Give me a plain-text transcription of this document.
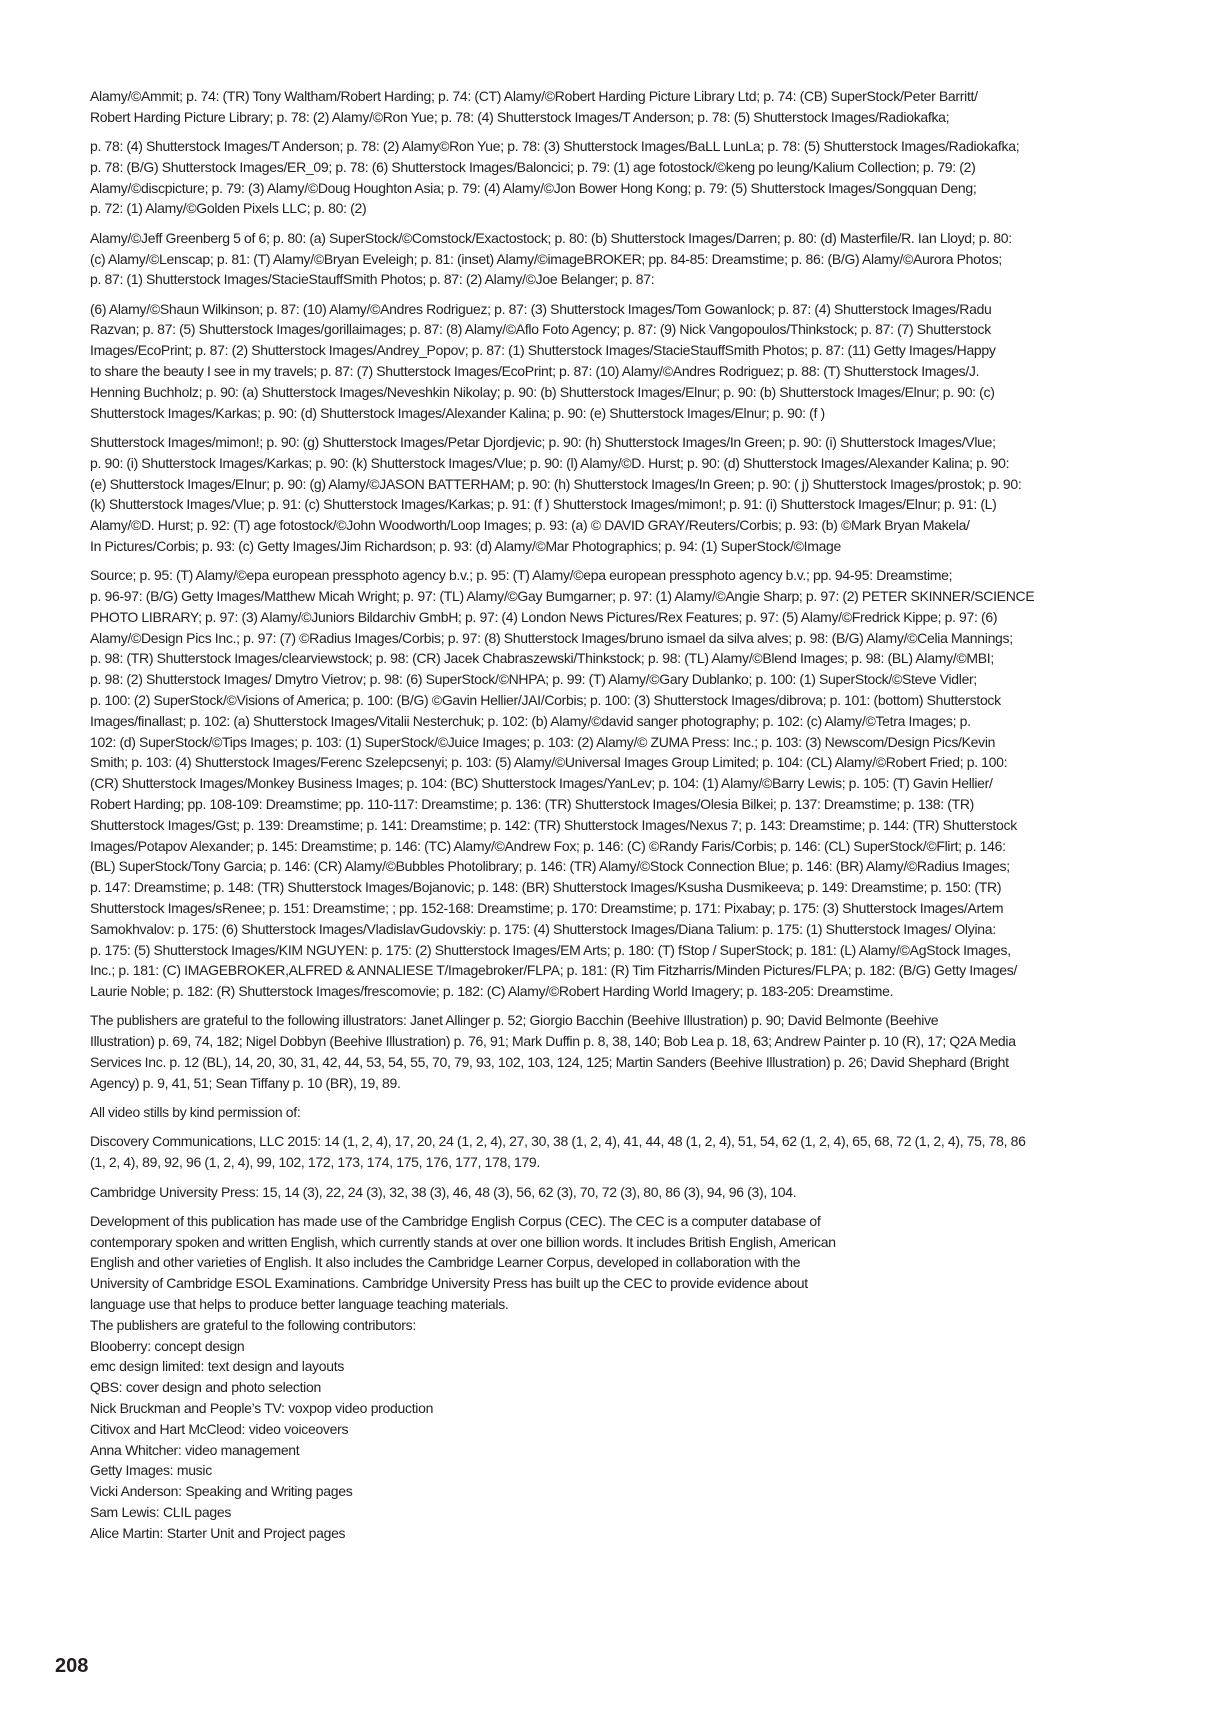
Alamy/©Ammit; p. 74: (TR) Tony Waltham/Robert Harding; p. 74: (CT) Alamy/©Robert Harding Picture Library Ltd; p. 74: (CB) SuperStock/Peter Barritt/
Robert Harding Picture Library; p. 78: (2) Alamy/©Ron Yue; p. 78: (4) Shutterstock Images/T Anderson; p. 78: (5) Shutterstock Images/Radiokafka;

p. 78: (4) Shutterstock Images/T Anderson; p. 78: (2) Alamy©Ron Yue; p. 78: (3) Shutterstock Images/BaLL LunLa; p. 78: (5) Shutterstock Images/Radiokafka;
p. 78: (B/G) Shutterstock Images/ER_09; p. 78: (6) Shutterstock Images/Baloncici; p. 79: (1) age fotostock/©keng po leung/Kalium Collection; p. 79: (2)
Alamy/©discpicture; p. 79: (3) Alamy/©Doug Houghton Asia; p. 79: (4) Alamy/©Jon Bower Hong Kong; p. 79: (5) Shutterstock Images/Songquan Deng;
p. 72: (1) Alamy/©Golden Pixels LLC; p. 80: (2)

Alamy/©Jeff Greenberg 5 of 6; p. 80: (a) SuperStock/©Comstock/Exactostock; p. 80: (b) Shutterstock Images/Darren; p. 80: (d) Masterfile/R. Ian Lloyd; p. 80:
(c) Alamy/©Lenscap; p. 81: (T) Alamy/©Bryan Eveleigh; p. 81: (inset) Alamy/©imageBROKER; pp. 84-85: Dreamstime; p. 86: (B/G) Alamy/©Aurora Photos;
p. 87: (1) Shutterstock Images/StacieStauffSmith Photos; p. 87: (2) Alamy/©Joe Belanger; p. 87:

(6) Alamy/©Shaun Wilkinson; p. 87: (10) Alamy/©Andres Rodriguez; p. 87: (3) Shutterstock Images/Tom Gowanlock; p. 87: (4) Shutterstock Images/Radu
Razvan; p. 87: (5) Shutterstock Images/gorillaimages; p. 87: (8) Alamy/©Aflo Foto Agency; p. 87: (9) Nick Vangopoulos/Thinkstock; p. 87: (7) Shutterstock
Images/EcoPrint; p. 87: (2) Shutterstock Images/Andrey_Popov; p. 87: (1) Shutterstock Images/StacieStauffSmith Photos; p. 87: (11) Getty Images/Happy
to share the beauty I see in my travels; p. 87: (7) Shutterstock Images/EcoPrint; p. 87: (10) Alamy/©Andres Rodriguez; p. 88: (T) Shutterstock Images/J.
Henning Buchholz; p. 90: (a) Shutterstock Images/Neveshkin Nikolay; p. 90: (b) Shutterstock Images/Elnur; p. 90: (b) Shutterstock Images/Elnur; p. 90: (c)
Shutterstock Images/Karkas; p. 90: (d) Shutterstock Images/Alexander Kalina; p. 90: (e) Shutterstock Images/Elnur; p. 90: (f )

Shutterstock Images/mimon!; p. 90: (g) Shutterstock Images/Petar Djordjevic; p. 90: (h) Shutterstock Images/In Green; p. 90: (i) Shutterstock Images/Vlue;
p. 90: (i) Shutterstock Images/Karkas; p. 90: (k) Shutterstock Images/Vlue; p. 90: (l) Alamy/©D. Hurst; p. 90: (d) Shutterstock Images/Alexander Kalina; p. 90:
(e) Shutterstock Images/Elnur; p. 90: (g) Alamy/©JASON BATTERHAM; p. 90: (h) Shutterstock Images/In Green; p. 90: ( j) Shutterstock Images/prostok; p. 90:
(k) Shutterstock Images/Vlue; p. 91: (c) Shutterstock Images/Karkas; p. 91: (f ) Shutterstock Images/mimon!; p. 91: (i) Shutterstock Images/Elnur; p. 91: (L)
Alamy/©D. Hurst; p. 92: (T) age fotostock/©John Woodworth/Loop Images; p. 93: (a) © DAVID GRAY/Reuters/Corbis; p. 93: (b) ©Mark Bryan Makela/
In Pictures/Corbis; p. 93: (c) Getty Images/Jim Richardson; p. 93: (d) Alamy/©Mar Photographics; p. 94: (1) SuperStock/©Image

Source; p. 95: (T) Alamy/©epa european pressphoto agency b.v.; p. 95: (T) Alamy/©epa european pressphoto agency b.v.; pp. 94-95: Dreamstime;
p. 96-97: (B/G) Getty Images/Matthew Micah Wright; p. 97: (TL) Alamy/©Gay Bumgarner; p. 97: (1) Alamy/©Angie Sharp; p. 97: (2) PETER SKINNER/SCIENCE
PHOTO LIBRARY; p. 97: (3) Alamy/©Juniors Bildarchiv GmbH; p. 97: (4) London News Pictures/Rex Features; p. 97: (5) Alamy/©Fredrick Kippe; p. 97: (6)
Alamy/©Design Pics Inc.; p. 97: (7) ©Radius Images/Corbis; p. 97: (8) Shutterstock Images/bruno ismael da silva alves; p. 98: (B/G) Alamy/©Celia Mannings;
p. 98: (TR) Shutterstock Images/clearviewstock; p. 98: (CR) Jacek Chabraszewski/Thinkstock; p. 98: (TL) Alamy/©Blend Images; p. 98: (BL) Alamy/©MBI;
p. 98: (2) Shutterstock Images/ Dmytro Vietrov; p. 98: (6) SuperStock/©NHPA; p. 99: (T) Alamy/©Gary Dublanko; p. 100: (1) SuperStock/©Steve Vidler;
p. 100: (2) SuperStock/©Visions of America; p. 100: (B/G) ©Gavin Hellier/JAI/Corbis; p. 100: (3) Shutterstock Images/dibrova; p. 101: (bottom) Shutterstock
Images/finallast; p. 102: (a) Shutterstock Images/Vitalii Nesterchuk; p. 102: (b) Alamy/©david sanger photography; p. 102: (c) Alamy/©Tetra Images; p.
102: (d) SuperStock/©Tips Images; p. 103: (1) SuperStock/©Juice Images; p. 103: (2) Alamy/© ZUMA Press: Inc.; p. 103: (3) Newscom/Design Pics/Kevin
Smith; p. 103: (4) Shutterstock Images/Ferenc Szelepcsenyi; p. 103: (5) Alamy/©Universal Images Group Limited; p. 104: (CL) Alamy/©Robert Fried; p. 100:
(CR) Shutterstock Images/Monkey Business Images; p. 104: (BC) Shutterstock Images/YanLev; p. 104: (1) Alamy/©Barry Lewis; p. 105: (T) Gavin Hellier/
Robert Harding; pp. 108-109: Dreamstime; pp. 110-117: Dreamstime; p. 136: (TR) Shutterstock Images/Olesia Bilkei; p. 137: Dreamstime; p. 138: (TR)
Shutterstock Images/Gst; p. 139: Dreamstime; p. 141: Dreamstime; p. 142: (TR) Shutterstock Images/Nexus 7; p. 143: Dreamstime; p. 144: (TR) Shutterstock
Images/Potapov Alexander; p. 145: Dreamstime; p. 146: (TC) Alamy/©Andrew Fox; p. 146: (C) ©Randy Faris/Corbis; p. 146: (CL) SuperStock/©Flirt; p. 146:
(BL) SuperStock/Tony Garcia; p. 146: (CR) Alamy/©Bubbles Photolibrary; p. 146: (TR) Alamy/©Stock Connection Blue; p. 146: (BR) Alamy/©Radius Images;
p. 147: Dreamstime; p. 148: (TR) Shutterstock Images/Bojanovic; p. 148: (BR) Shutterstock Images/Ksusha Dusmikeeva; p. 149: Dreamstime; p. 150: (TR)
Shutterstock Images/sRenee; p. 151: Dreamstime; ; pp. 152-168: Dreamstime; p. 170: Dreamstime; p. 171: Pixabay; p. 175: (3) Shutterstock Images/Artem
Samokhvalov: p. 175: (6) Shutterstock Images/VladislavGudovskiy: p. 175: (4) Shutterstock Images/Diana Talium: p. 175: (1) Shutterstock Images/ Olyina:
p. 175: (5) Shutterstock Images/KIM NGUYEN: p. 175: (2) Shutterstock Images/EM Arts; p. 180: (T) fStop / SuperStock; p. 181: (L) Alamy/©AgStock Images,
Inc.; p. 181: (C) IMAGEBROKER,ALFRED & ANNALIESE T/Imagebroker/FLPA; p. 181: (R) Tim Fitzharris/Minden Pictures/FLPA; p. 182: (B/G) Getty Images/
Laurie Noble; p. 182: (R) Shutterstock Images/frescomovie; p. 182: (C) Alamy/©Robert Harding World Imagery; p. 183-205: Dreamstime.

The publishers are grateful to the following illustrators: Janet Allinger p. 52; Giorgio Bacchin (Beehive Illustration) p. 90; David Belmonte (Beehive
Illustration) p. 69, 74, 182; Nigel Dobbyn (Beehive Illustration) p. 76, 91; Mark Duffin p. 8, 38, 140; Bob Lea p. 18, 63; Andrew Painter p. 10 (R), 17; Q2A Media
Services Inc. p. 12 (BL), 14, 20, 30, 31, 42, 44, 53, 54, 55, 70, 79, 93, 102, 103, 124, 125; Martin Sanders (Beehive Illustration) p. 26; David Shephard (Bright
Agency) p. 9, 41, 51; Sean Tiffany p. 10 (BR), 19, 89.

All video stills by kind permission of:

Discovery Communications, LLC 2015: 14 (1, 2, 4), 17, 20, 24 (1, 2, 4), 27, 30, 38 (1, 2, 4), 41, 44, 48 (1, 2, 4), 51, 54, 62 (1, 2, 4), 65, 68, 72 (1, 2, 4), 75, 78, 86
(1, 2, 4), 89, 92, 96 (1, 2, 4), 99, 102, 172, 173, 174, 175, 176, 177, 178, 179.

Cambridge University Press: 15, 14 (3), 22, 24 (3), 32, 38 (3), 46, 48 (3), 56, 62 (3), 70, 72 (3), 80, 86 (3), 94, 96 (3), 104.

Development of this publication has made use of the Cambridge English Corpus (CEC). The CEC is a computer database of
contemporary spoken and written English, which currently stands at over one billion words. It includes British English, American
English and other varieties of English. It also includes the Cambridge Learner Corpus, developed in collaboration with the
University of Cambridge ESOL Examinations. Cambridge University Press has built up the CEC to provide evidence about
language use that helps to produce better language teaching materials.

The publishers are grateful to the following contributors:

Blooberry: concept design
emc design limited: text design and layouts
QBS: cover design and photo selection
Nick Bruckman and People’s TV: voxpop video production
Citivox and Hart McCleod: video voiceovers
Anna Whitcher: video management
Getty Images: music
Vicki Anderson: Speaking and Writing pages
Sam Lewis: CLIL pages
Alice Martin: Starter Unit and Project pages
208
